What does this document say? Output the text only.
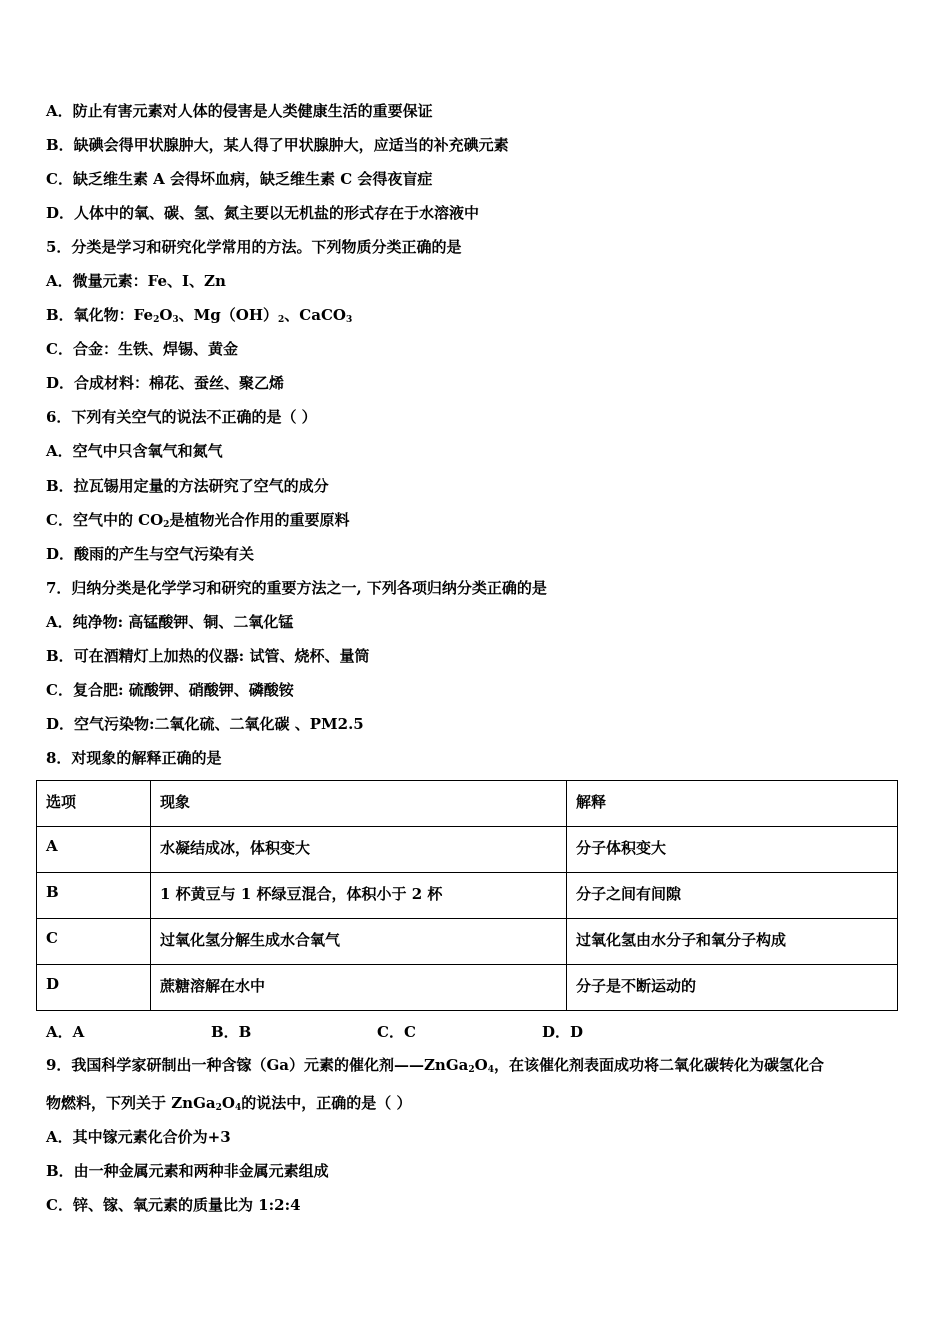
A．防止有害元素对人体的侵害是人类健康生活的重要保证
B．缺碘会得甲状腺肿大，某人得了甲状腺肿大，应适当的补充碘元素
C．缺乏维生素 A 会得坏血病，缺乏维生素 C 会得夜盲症
D．人体中的氧、碳、氢、氮主要以无机盐的形式存在于水溶液中
5．分类是学习和研究化学常用的方法。下列物质分类正确的是
A．微量元素：Fe、I、Zn
B．氧化物：$Fe_2O_3$、$Mg(OH)_2$、CaCO$_3$
C．合金：生铁、焊锡、黄金
D．合成材料：棉花、蚕丝、聚乙烯
6．下列有关空气的说法不正确的是（ ）
A．空气中只含氧气和氮气
B．拉瓦锡用定量的方法研究了空气的成分
C．空气中的 $CO_2$是植物光合作用的重要原料
D．酸雨的产生与空气污染有关
7．归纳分类是化学学习和研究的重要方法之一, 下列各项归纳分类正确的是
A．纯净物: 高锰酸钾、铜、二氧化锰
B．可在酒精灯上加热的仪器: 试管、烧杯、量筒
C．复合肥: 硫酸钾、硝酸钾、磷酸铵
D．空气污染物:二氧化硫、二氧化碳 、PM2.5
8．对现象的解释正确的是
选项	现象	解释
A	水凝结成冰，体积变大	分子体积变大
B	1 杯黄豆与 1 杯绿豆混合，体积小于 2 杯	分子之间有间隙
C	过氧化氢分解生成水合氧气	过氧化氢由水分子和氧分子构成
D	蔗糖溶解在水中	分子是不断运动的
A．A	B．B	C．C	D．D
9．我国科学家研制出一种含镓（Ga）元素的催化剂$——ZnGa_2O_4$，在该催化剂表面成功将二氧化碳转化为碳氢化合
物燃料，下列关于 $ZnGa_2O_4$的说法中，正确的是（ ）
A．其中镓元素化合价为+3
B．由一种金属元素和两种非金属元素组成
C．锌、镓、氧元素的质量比为 1:2:4
